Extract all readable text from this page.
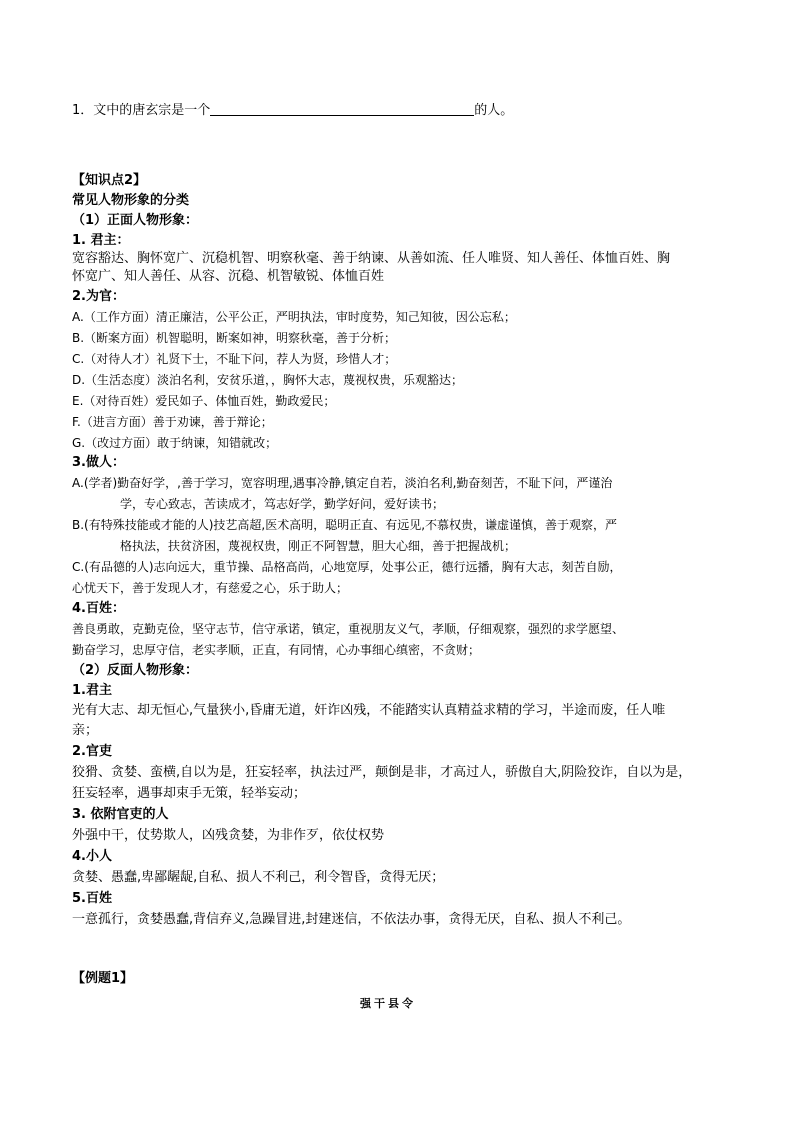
1．文中的唐玄宗是一个	的人。
【知识点2】
常见人物形象的分类
（1）正面人物形象：
1. 君主：
宽容豁达、胸怀宽广、沉稳机智、明察秋毫、善于纳谏、从善如流、任人唯贤、知人善任、体恤百姓、胸
怀宽广、知人善任、从容、沉稳、机智敏锐、体恤百姓
2.为官：
A.（工作方面）清正廉洁，公平公正，严明执法，审时度势，知己知彼，因公忘私；
B.（断案方面）机智聪明，断案如神，明察秋毫，善于分析；
C.（对待人才）礼贤下士，不耻下问，荐人为贤，珍惜人才；
D.（生活态度）淡泊名利，安贫乐道，，胸怀大志，蔑视权贵，乐观豁达；
E.（对待百姓）爱民如子、体恤百姓，勤政爱民；
F.（进言方面）善于劝谏，善于辩论；
G.（改过方面）敢于纳谏，知错就改；
3.做人：
A.(学者)勤奋好学，,善于学习，宽容明理,遇事冷静,镇定自若，淡泊名利,勤奋刻苦，不耻下问，严谨治
学，专心致志，苦读成才，笃志好学，勤学好问，爱好读书；
B.(有特殊技能或才能的人)技艺高超,医术高明，聪明正直、有远见,不慕权贵，谦虚谨慎，善于观察，严
格执法，扶贫济困，蔑视权贵，刚正不阿智慧，胆大心细，善于把握战机；
C.(有品德的人)志向远大，重节操、品格高尚，心地宽厚，处事公正，德行远播，胸有大志，刻苦自励，
心忧天下，善于发现人才，有慈爱之心，乐于助人；
4.百姓：
善良勇敢，克勤克俭，坚守志节，信守承诺，镇定，重视朋友义气，孝顺，仔细观察，强烈的求学愿望、
勤奋学习，忠厚守信，老实孝顺，正直，有同情，心办事细心缜密，不贪财；
（2）反面人物形象：
1.君主
光有大志、却无恒心,气量狭小,昏庸无道，奸诈凶残，不能踏实认真精益求精的学习，半途而废，任人唯
亲；
2.官吏
狡猾、贪婪、蛮横,自以为是，狂妄轻率，执法过严，颠倒是非，才高过人，骄傲自大,阴险狡诈，自以为是，
狂妄轻率，遇事却束手无策，轻举妄动；
3. 依附官吏的人
外强中干，仗势欺人，凶残贪婪，为非作歹，依仗权势
4.小人
贪婪、愚蠢,卑鄙龌龊,自私、损人不利己，利令智昏，贪得无厌；
5.百姓
一意孤行，贪婪愚蠢,背信弃义,急躁冒进,封建迷信，不依法办事，贪得无厌，自私、损人不利己。
【例题1】
强干县令
